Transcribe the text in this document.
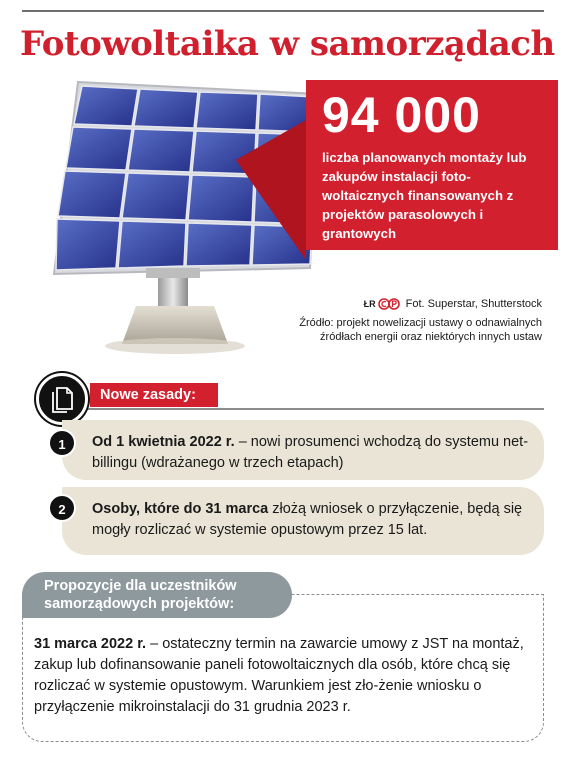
Fotowoltaika w samorządach
94 000
liczba planowanych montaży lub zakupów instalacji foto-woltaicznych finansowanych z projektów parasolowych i grantowych
ŁR	Fot. Superstar, Shutterstock
Źródło: projekt nowelizacji ustawy o odnawialnych źródłach energii oraz niektórych innych ustaw
Nowe zasady:
Od 1 kwietnia 2022 r. – nowi prosumenci wchodzą do systemu net-billingu (wdrażanego w trzech etapach)
1
Osoby, które do 31 marca złożą wniosek o przyłączenie, będą się mogły rozliczać w systemie opustowym przez 15 lat.
2
Propozycje dla uczestników samorządowych projektów:
31 marca 2022 r. – ostateczny termin na zawarcie umowy z JST na montaż, zakup lub dofinansowanie paneli fotowoltaicznych dla osób, które chcą się rozliczać w systemie opustowym. Warunkiem jest zło-żenie wniosku o przyłączenie mikroinstalacji do 31 grudnia 2023 r.
